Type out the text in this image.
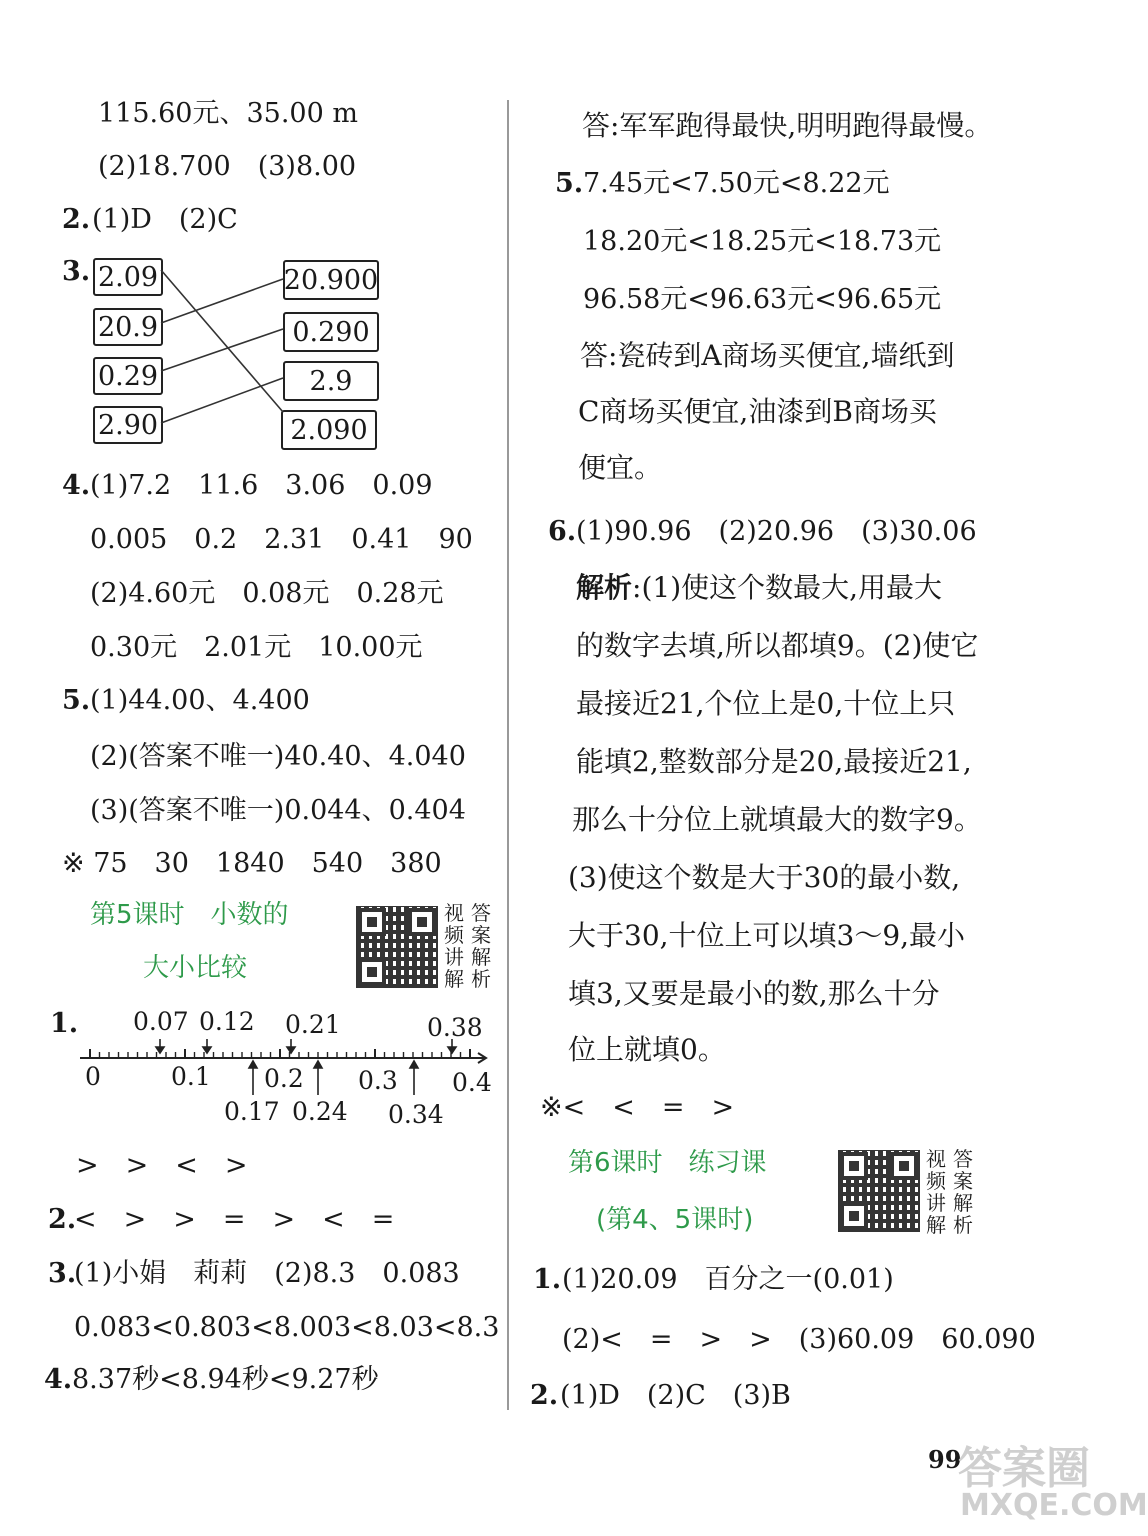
115.60元、35.00 m
(2)18.700　(3)8.00
2. (1)D　(2)C
3. 2.09
20.9
0.29
2.90
20.900
0.290
2.9
2.090
4. (1)7.2　11.6　3.06　0.09
0.005　0.2　2.31　0.41　90
(2)4.60元　0.08元　0.28元
0.30元　2.01元　10.00元
5. (1)44.00、4.400
(2)(答案不唯一)40.40、4.040
(3)(答案不唯一)0.044、0.404
※ 75　30　1840　540　380
第5课时　小数的
大小比较
视
频
讲
解
答
案
解
析
1. 0.07 0.12 0.21	0.38
0	0.1 0.2 0.3 0.4
0.17 0.24 0.34
>　>　<　>
2.
<　>　>　=　>　<　=
3.
(1)小娟　莉莉　(2)8.3　0.083
0.083<0.803<8.003<8.03<8.3
4. 8.37秒<8.94秒<9.27秒
答:军军跑得最快,明明跑得最慢。
5. 7.45元<7.50元<8.22元
18.20元<18.25元<18.73元
96.58元<96.63元<96.65元
答:瓷砖到A商场买便宜,墙纸到
C商场买便宜,油漆到B商场买
便宜。
6. (1)90.96　(2)20.96　(3)30.06
解析:(1)使这个数最大,用最大
的数字去填,所以都填9。(2)使它
最接近21,个位上是0,十位上只
能填2,整数部分是20,最接近21,
那么十分位上就填最大的数字9。
(3)使这个数是大于30的最小数,
大于30,十位上可以填3～9,最小
填3,又要是最小的数,那么十分
位上就填0。
※<　<　=　>
第6课时　练习课
(第4、5课时)
视
频
讲
解
答
案
解
析
1. (1)20.09　百分之一(0.01)
(2)<　=　>　>　(3)60.09　60.090
2. (1)D　(2)C　(3)B
99
答案圈
MXQE.COM
